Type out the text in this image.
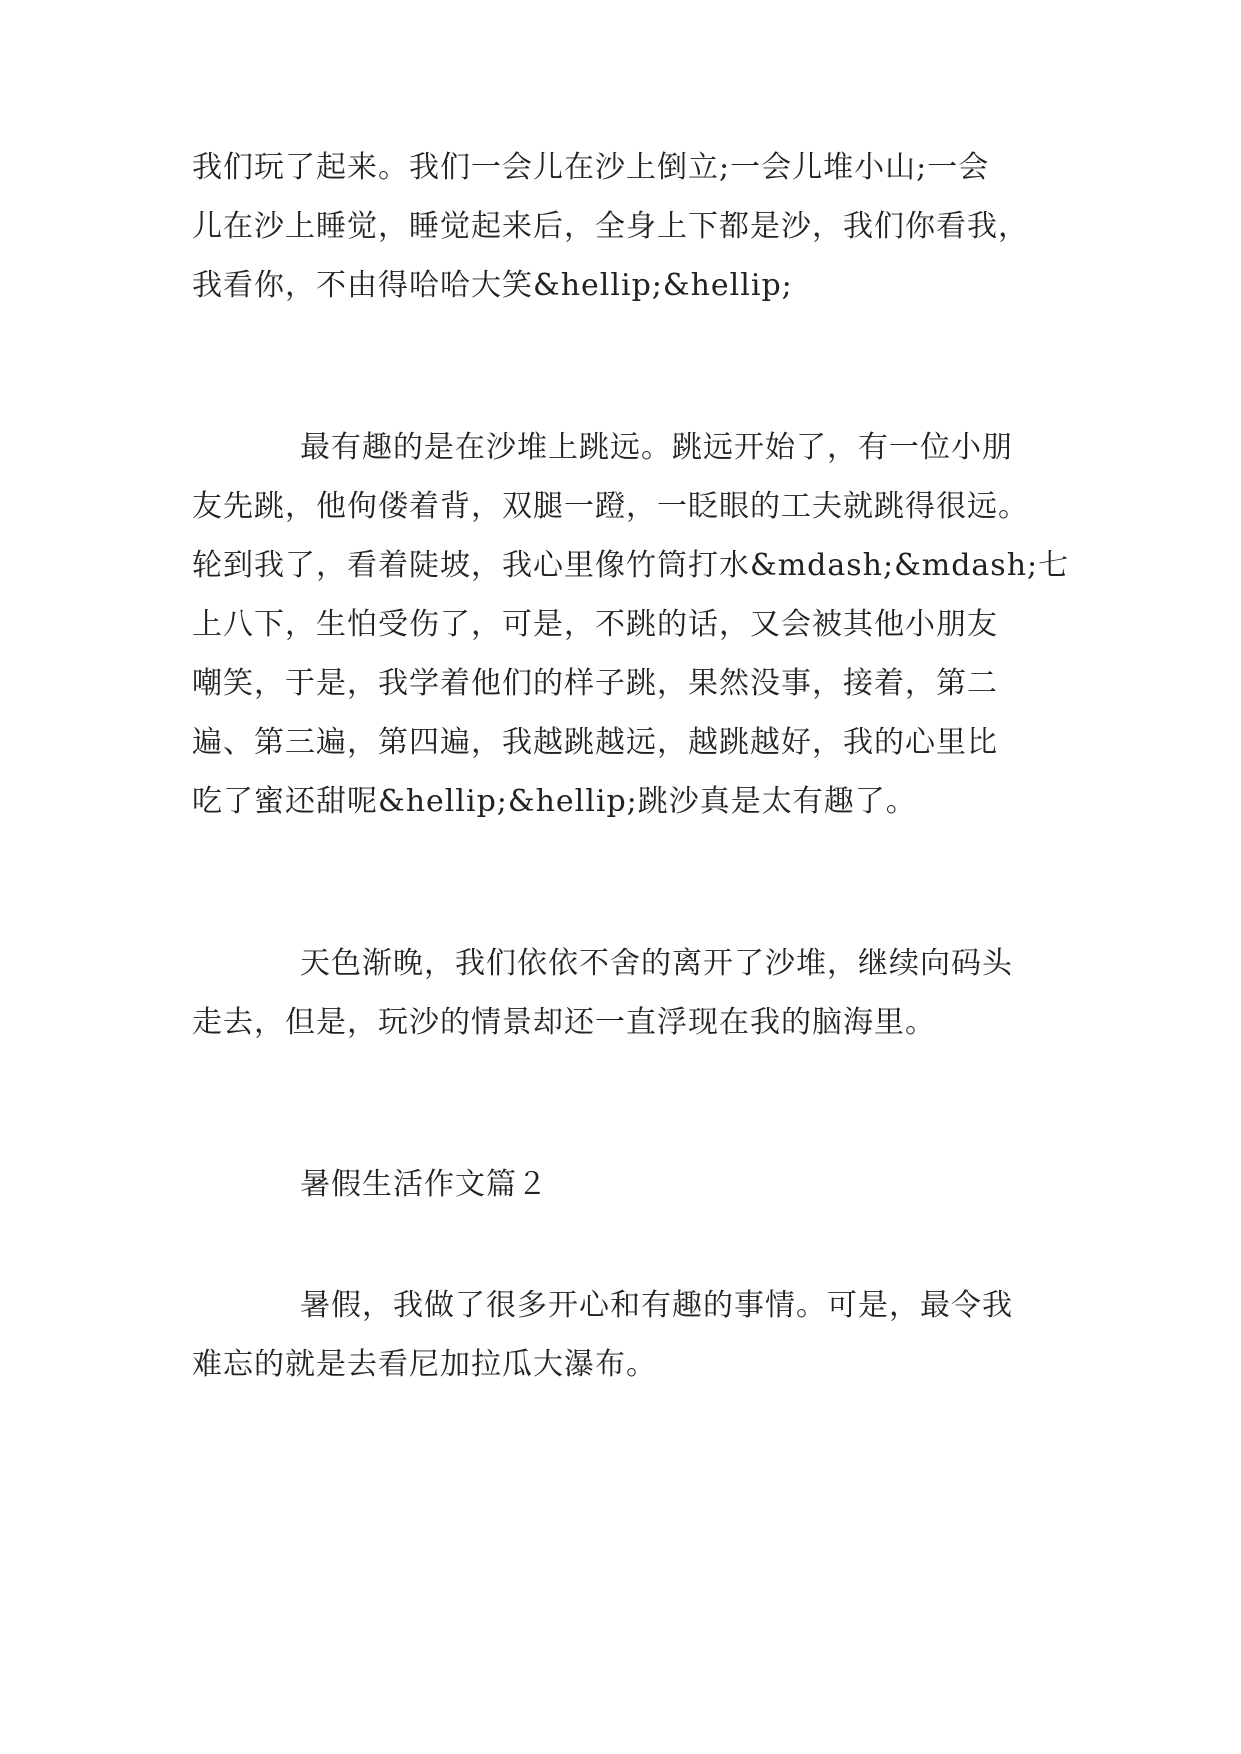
我们玩了起来。我们一会儿在沙上倒立;一会儿堆小山;一会
儿在沙上睡觉，睡觉起来后，全身上下都是沙，我们你看我，
我看你，不由得哈哈大笑&hellip;&hellip;
最有趣的是在沙堆上跳远。跳远开始了，有一位小朋
友先跳，他佝偻着背，双腿一蹬，一眨眼的工夫就跳得很远。
轮到我了，看着陡坡，我心里像竹筒打水&mdash;&mdash;七
上八下，生怕受伤了，可是，不跳的话，又会被其他小朋友
嘲笑，于是，我学着他们的样子跳，果然没事，接着，第二
遍、第三遍，第四遍，我越跳越远，越跳越好，我的心里比
吃了蜜还甜呢&hellip;&hellip;跳沙真是太有趣了。
天色渐晚，我们依依不舍的离开了沙堆，继续向码头
走去，但是，玩沙的情景却还一直浮现在我的脑海里。
暑假生活作文篇２
暑假，我做了很多开心和有趣的事情。可是，最令我
难忘的就是去看尼加拉瓜大瀑布。
